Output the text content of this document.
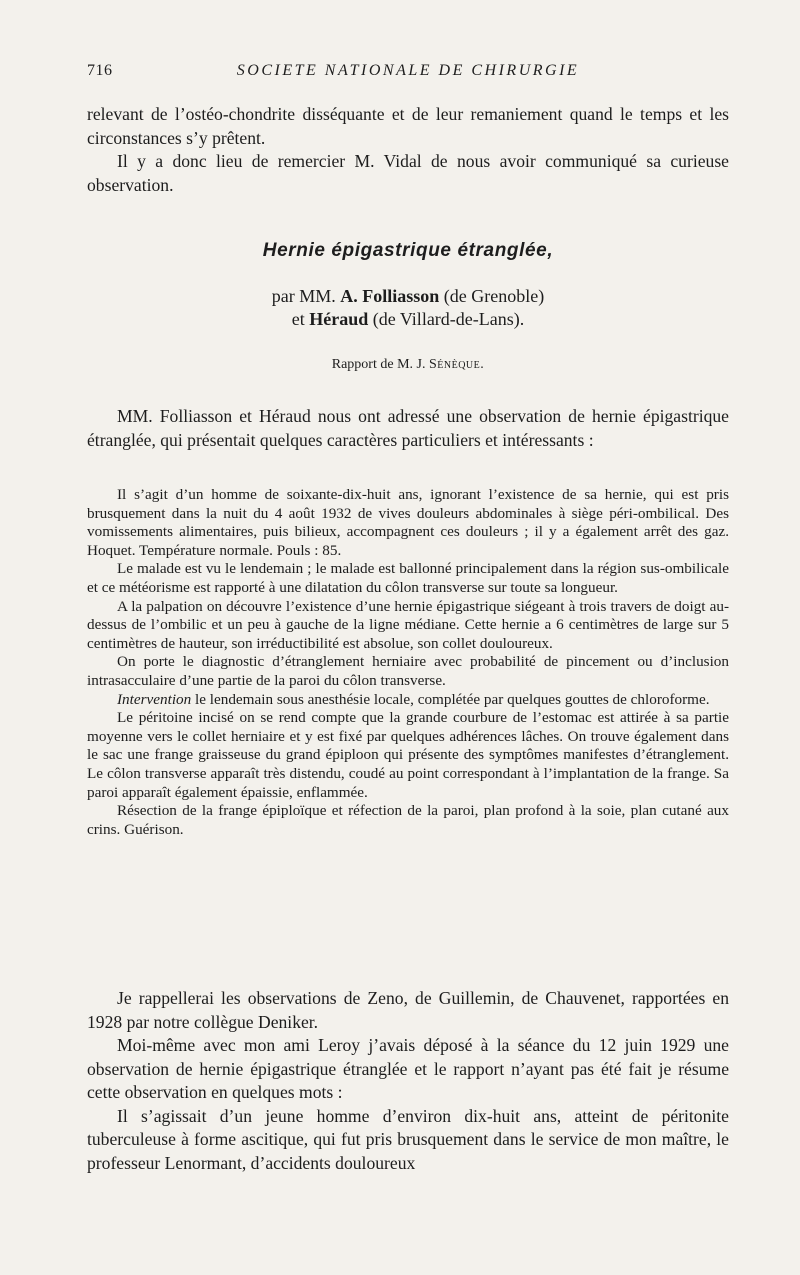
716	SOCIETE NATIONALE DE CHIRURGIE

relevant de l’ostéo-chondrite disséquante et de leur remaniement quand le temps et les circonstances s’y prêtent.

Il y a donc lieu de remercier M. Vidal de nous avoir communiqué sa curieuse observation.

Hernie épigastrique étranglée,
par MM. A. Folliasson (de Grenoble)
et Héraud (de Villard-de-Lans).
Rapport de M. J. Sénèque.

MM. Folliasson et Héraud nous ont adressé une observation de hernie épigastrique étranglée, qui présentait quelques caractères particuliers et intéressants :

Il s’agit d’un homme de soixante-dix-huit ans, ignorant l’existence de sa hernie, qui est pris brusquement dans la nuit du 4 août 1932 de vives douleurs abdominales à siège péri-ombilical. Des vomissements alimentaires, puis bilieux, accompagnent ces douleurs ; il y a également arrêt des gaz. Hoquet. Température normale. Pouls : 85.

Le malade est vu le lendemain ; le malade est ballonné principalement dans la région sus-ombilicale et ce météorisme est rapporté à une dilatation du côlon transverse sur toute sa longueur.

A la palpation on découvre l’existence d’une hernie épigastrique siégeant à trois travers de doigt au-dessus de l’ombilic et un peu à gauche de la ligne médiane. Cette hernie a 6 centimètres de large sur 5 centimètres de hauteur, son irréductibilité est absolue, son collet douloureux.

On porte le diagnostic d’étranglement herniaire avec probabilité de pincement ou d’inclusion intrasacculaire d’une partie de la paroi du côlon transverse.

Intervention le lendemain sous anesthésie locale, complétée par quelques gouttes de chloroforme.

Le péritoine incisé on se rend compte que la grande courbure de l’estomac est attirée à sa partie moyenne vers le collet herniaire et y est fixé par quelques adhérences lâches. On trouve également dans le sac une frange graisseuse du grand épiploon qui présente des symptômes manifestes d’étranglement. Le côlon transverse apparaît très distendu, coudé au point correspondant à l’implantation de la frange. Sa paroi apparaît également épaissie, enflammée.

Résection de la frange épiploïque et réfection de la paroi, plan profond à la soie, plan cutané aux crins. Guérison.

Je rappellerai les observations de Zeno, de Guillemin, de Chauvenet, rapportées en 1928 par notre collègue Deniker.

Moi-même avec mon ami Leroy j’avais déposé à la séance du 12 juin 1929 une observation de hernie épigastrique étranglée et le rapport n’ayant pas été fait je résume cette observation en quelques mots :

Il s’agissait d’un jeune homme d’environ dix-huit ans, atteint de péritonite tuberculeuse à forme ascitique, qui fut pris brusquement dans le service de mon maître, le professeur Lenormant, d’accidents douloureux
